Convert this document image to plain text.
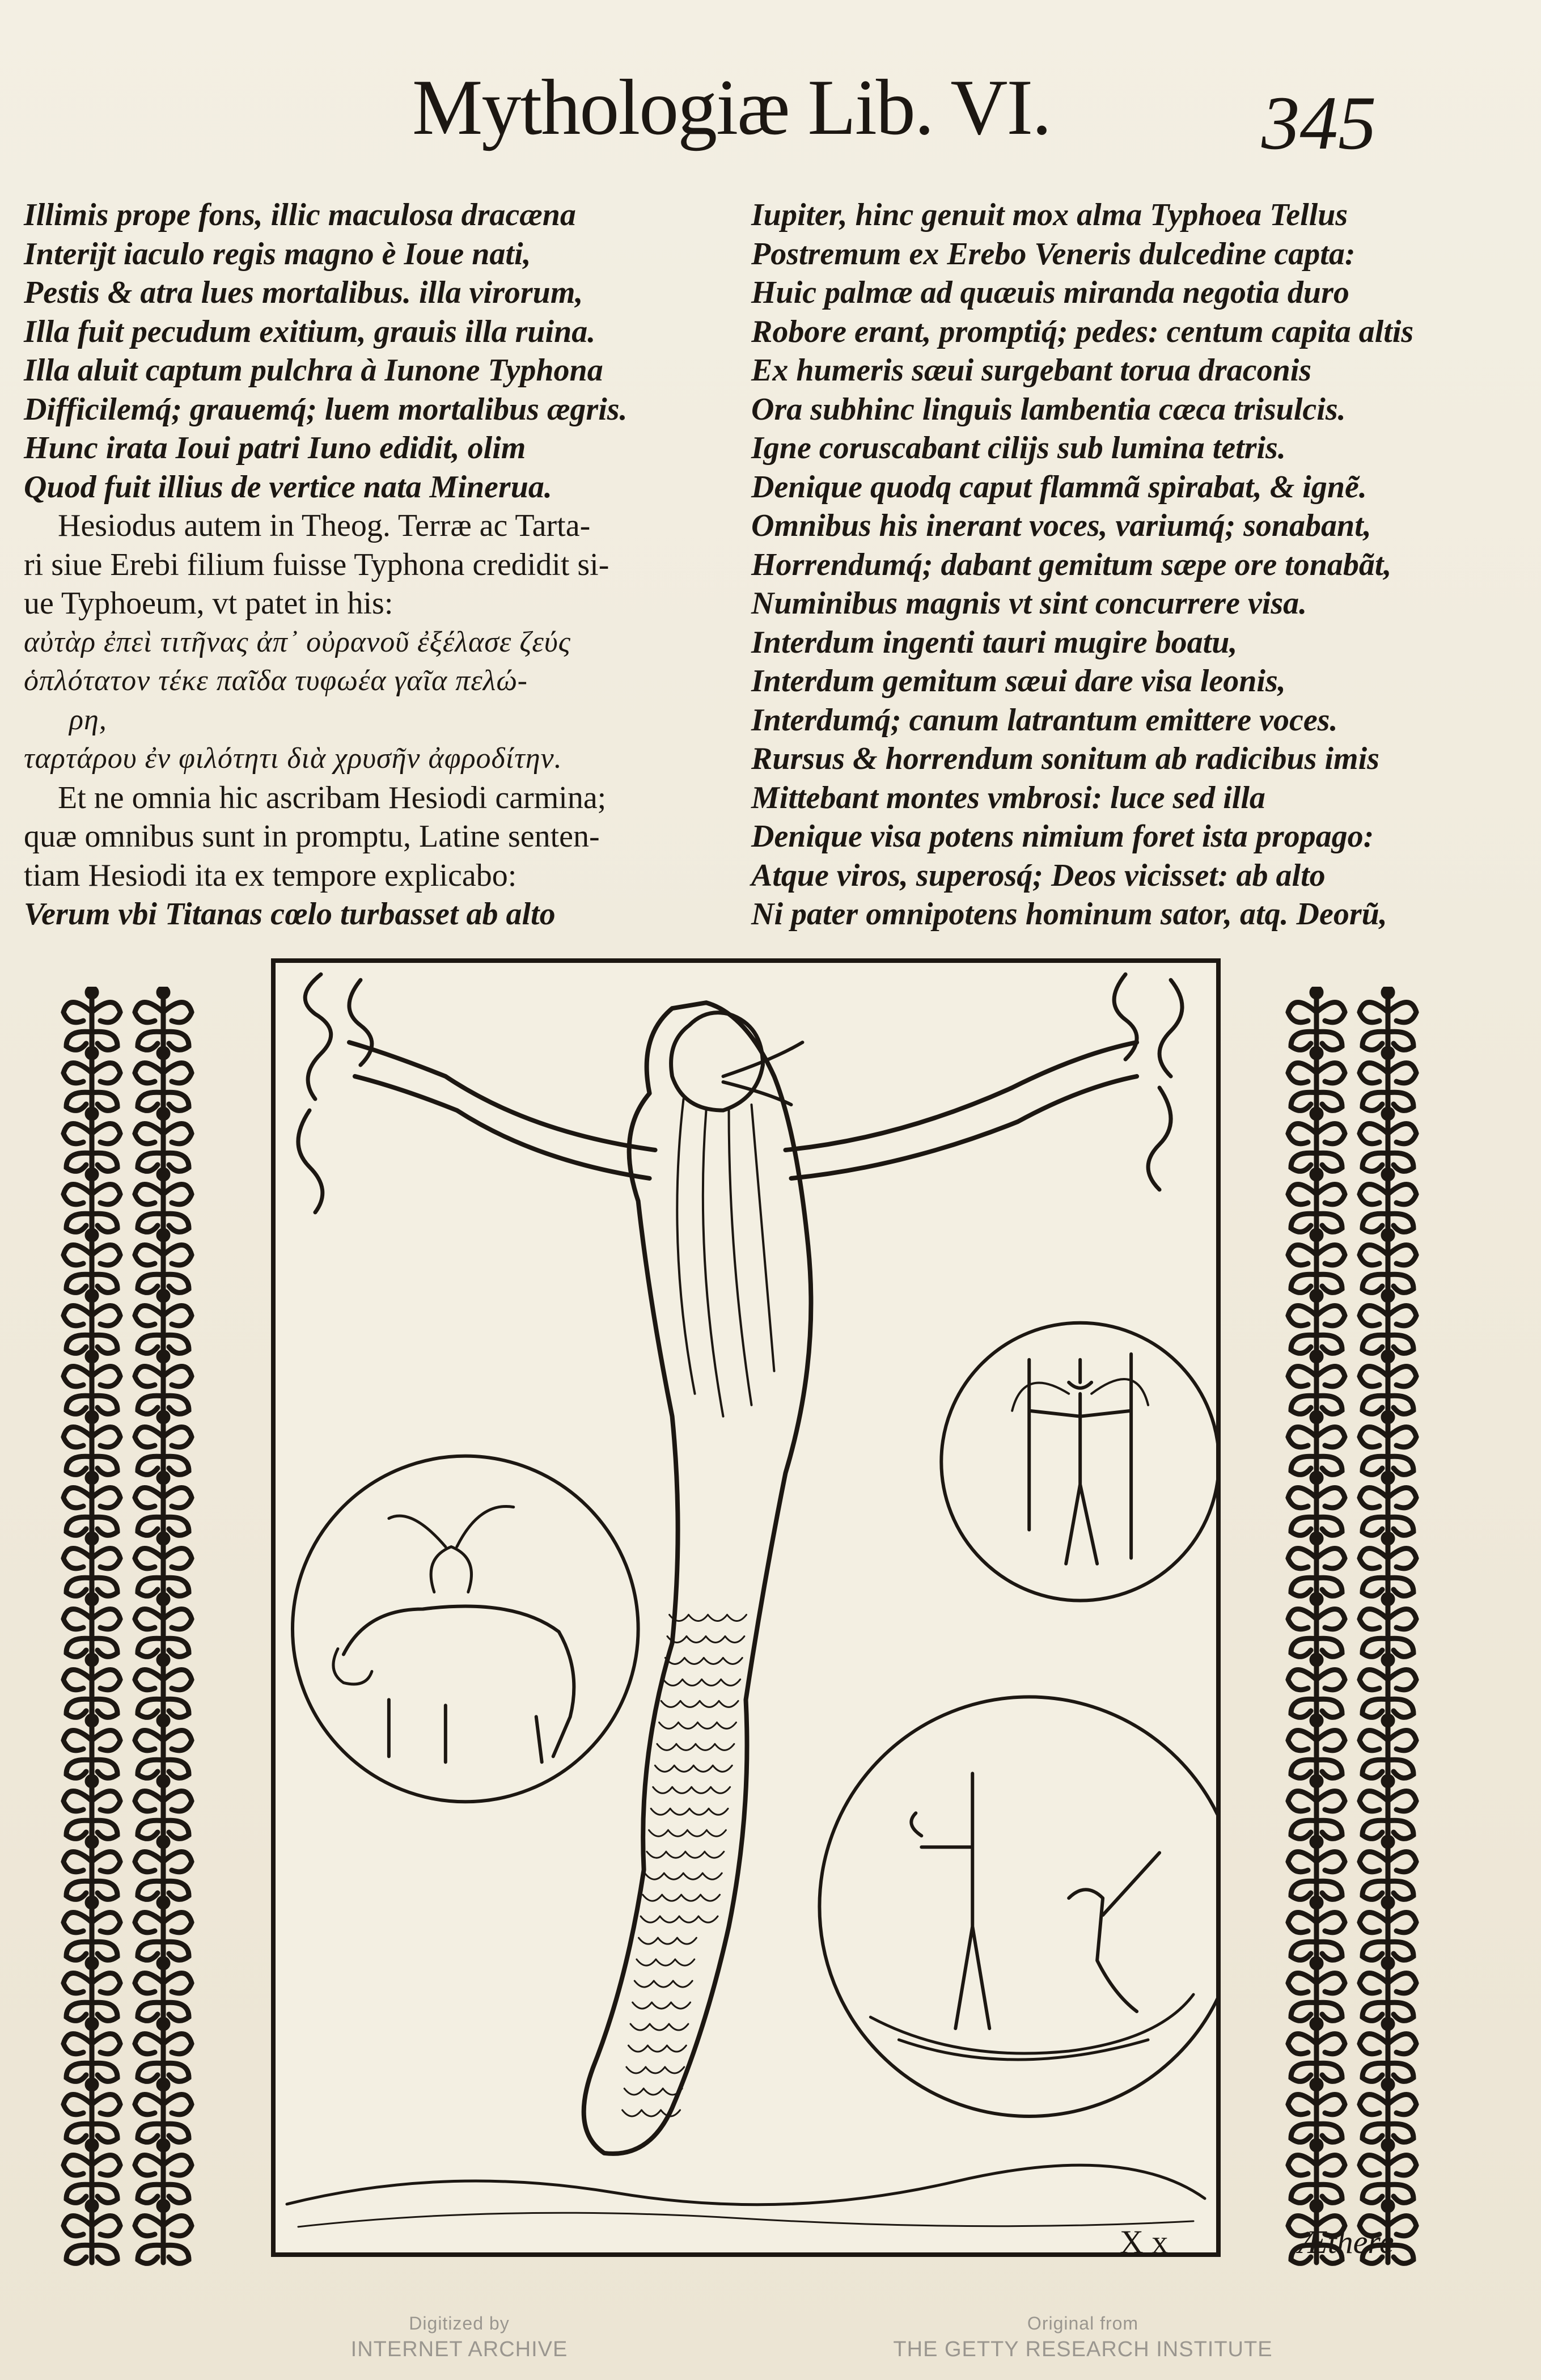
Mythologiæ Lib. VI.	345
Illimis prope fons, illic maculosa dracæna
Interijt iaculo regis magno è Ioue nati,
Pestis & atra lues mortalibus. illa virorum,
Illa fuit pecudum exitium, grauis illa ruina.
Illa aluit captum pulchra à Iunone Typhona
Difficilemq́; grauemq́; luem mortalibus ægris.
Hunc irata Ioui patri Iuno edidit, olim
Quod fuit illius de vertice nata Minerua.
Hesiodus autem in Theog. Terræ ac Tarta-
ri siue Erebi filium fuisse Typhona credidit si-
ue Typhoeum, vt patet in his:
αὐτὰρ ἐπεὶ τιτῆνας ἀπ᾽ οὐρανοῦ ἐξέλασε ζεύς
ὁπλότατον τέκε παῖδα τυφωέα γαῖα πελώ-
ρη,
ταρτάρου ἐν φιλότητι διὰ χρυσῆν ἀφροδίτην.
Et ne omnia hic ascribam Hesiodi carmina;
quæ omnibus sunt in promptu, Latine senten-
tiam Hesiodi ita ex tempore explicabo:
Verum vbi Titanas cœlo turbasset ab alto
Iupiter, hinc genuit mox alma Typhoea Tellus
Postremum ex Erebo Veneris dulcedine capta:
Huic palmæ ad quæuis miranda negotia duro
Robore erant, promptiq́; pedes: centum capita altis
Ex humeris sæui surgebant torua draconis
Ora subhinc linguis lambentia cæca trisulcis.
Igne coruscabant cilijs sub lumina tetris.
Denique quodq caput flammã spirabat, & ignẽ.
Omnibus his inerant voces, variumq́; sonabant,
Horrendumq́; dabant gemitum sæpe ore tonabãt,
Numinibus magnis vt sint concurrere visa.
Interdum ingenti tauri mugire boatu,
Interdum gemitum sæui dare visa leonis,
Interdumq́; canum latrantum emittere voces.
Rursus & horrendum sonitum ab radicibus imis
Mittebant montes vmbrosi: luce sed illa
Denique visa potens nimium foret ista propago:
Atque viros, superosq́; Deos vicisset: ab alto
Ni pater omnipotens hominum sator, atq. Deorũ,
X x	Æthere
Digitized by
INTERNET ARCHIVE
Original from
THE GETTY RESEARCH INSTITUTE
